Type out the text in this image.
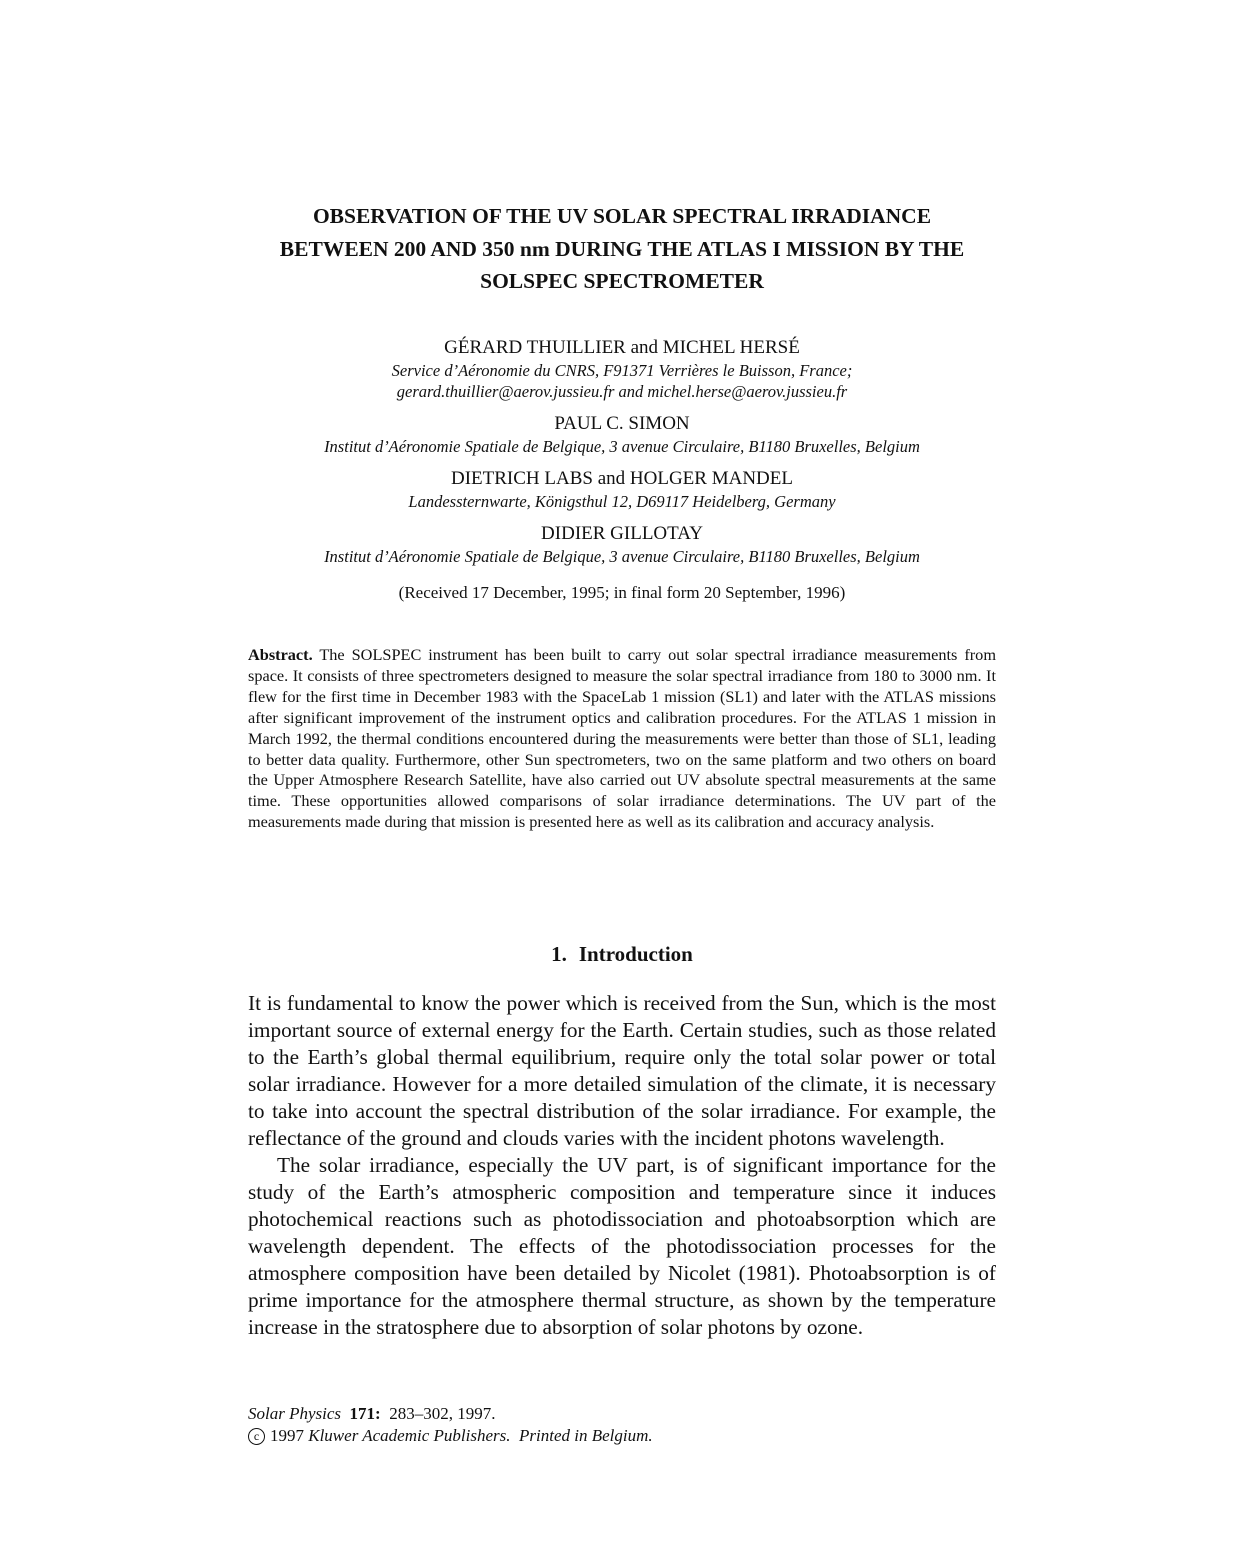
OBSERVATION OF THE UV SOLAR SPECTRAL IRRADIANCE
BETWEEN 200 AND 350 nm DURING THE ATLAS I MISSION BY THE
SOLSPEC SPECTROMETER
GÉRARD THUILLIER and MICHEL HERSÉ
Service d’Aéronomie du CNRS, F91371 Verrières le Buisson, France;
gerard.thuillier@aerov.jussieu.fr and michel.herse@aerov.jussieu.fr
PAUL C. SIMON
Institut d’Aéronomie Spatiale de Belgique, 3 avenue Circulaire, B1180 Bruxelles, Belgium
DIETRICH LABS and HOLGER MANDEL
Landessternwarte, Königsthul 12, D69117 Heidelberg, Germany
DIDIER GILLOTAY
Institut d’Aéronomie Spatiale de Belgique, 3 avenue Circulaire, B1180 Bruxelles, Belgium
(Received 17 December, 1995; in final form 20 September, 1996)
Abstract. The SOLSPEC instrument has been built to carry out solar spectral irradiance measurements from space. It consists of three spectrometers designed to measure the solar spectral irradiance from 180 to 3000 nm. It flew for the first time in December 1983 with the SpaceLab 1 mission (SL1) and later with the ATLAS missions after significant improvement of the instrument optics and calibration procedures. For the ATLAS 1 mission in March 1992, the thermal conditions encountered during the measurements were better than those of SL1, leading to better data quality. Furthermore, other Sun spectrometers, two on the same platform and two others on board the Upper Atmosphere Research Satellite, have also carried out UV absolute spectral measurements at the same time. These opportunities allowed comparisons of solar irradiance determinations. The UV part of the measurements made during that mission is presented here as well as its calibration and accuracy analysis.
1. Introduction

It is fundamental to know the power which is received from the Sun, which is the most important source of external energy for the Earth. Certain studies, such as those related to the Earth’s global thermal equilibrium, require only the total solar power or total solar irradiance. However for a more detailed simulation of the climate, it is necessary to take into account the spectral distribution of the solar irradiance. For example, the reflectance of the ground and clouds varies with the incident photons wavelength.

The solar irradiance, especially the UV part, is of significant importance for the study of the Earth’s atmospheric composition and temperature since it induces photochemical reactions such as photodissociation and photoabsorption which are wavelength dependent. The effects of the photodissociation processes for the atmosphere composition have been detailed by Nicolet (1981). Photoabsorption is of prime importance for the atmosphere thermal structure, as shown by the temperature increase in the stratosphere due to absorption of solar photons by ozone.

Solar Physics 171: 283–302, 1997.
c 1997 Kluwer Academic Publishers. Printed in Belgium.
